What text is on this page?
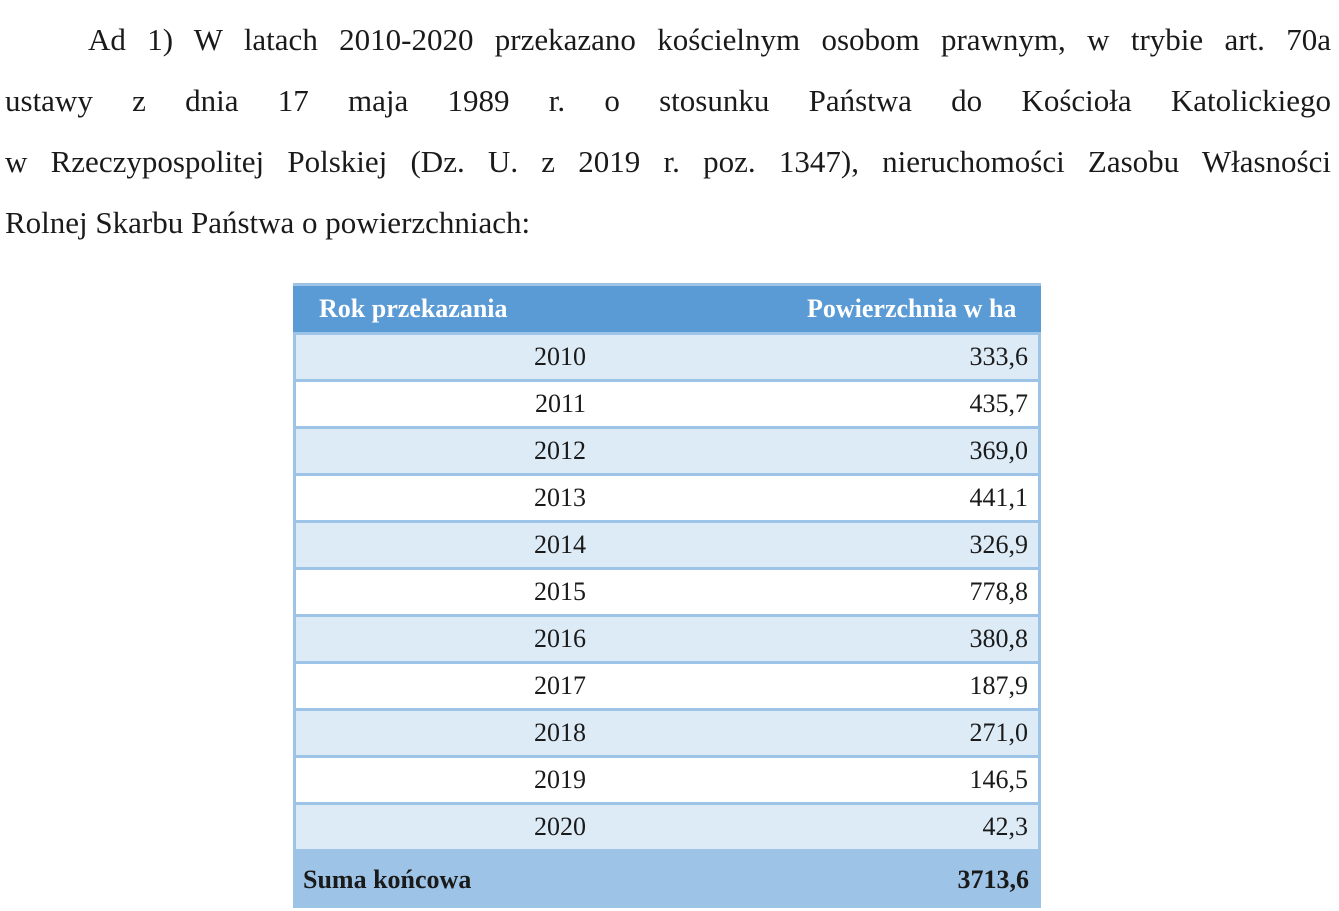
Ad 1) W latach 2010-2020 przekazano kościelnym osobom prawnym, w trybie art. 70a
ustawy z dnia 17 maja 1989 r. o stosunku Państwa do Kościoła Katolickiego
w Rzeczypospolitej Polskiej (Dz. U. z 2019 r. poz. 1347), nieruchomości Zasobu Własności
Rolnej Skarbu Państwa o powierzchniach:
Rok przekazania	Powierzchnia w ha
2010	333,6
2011	435,7
2012	369,0
2013	441,1
2014	326,9
2015	778,8
2016	380,8
2017	187,9
2018	271,0
2019	146,5
2020	42,3
Suma końcowa	3713,6
